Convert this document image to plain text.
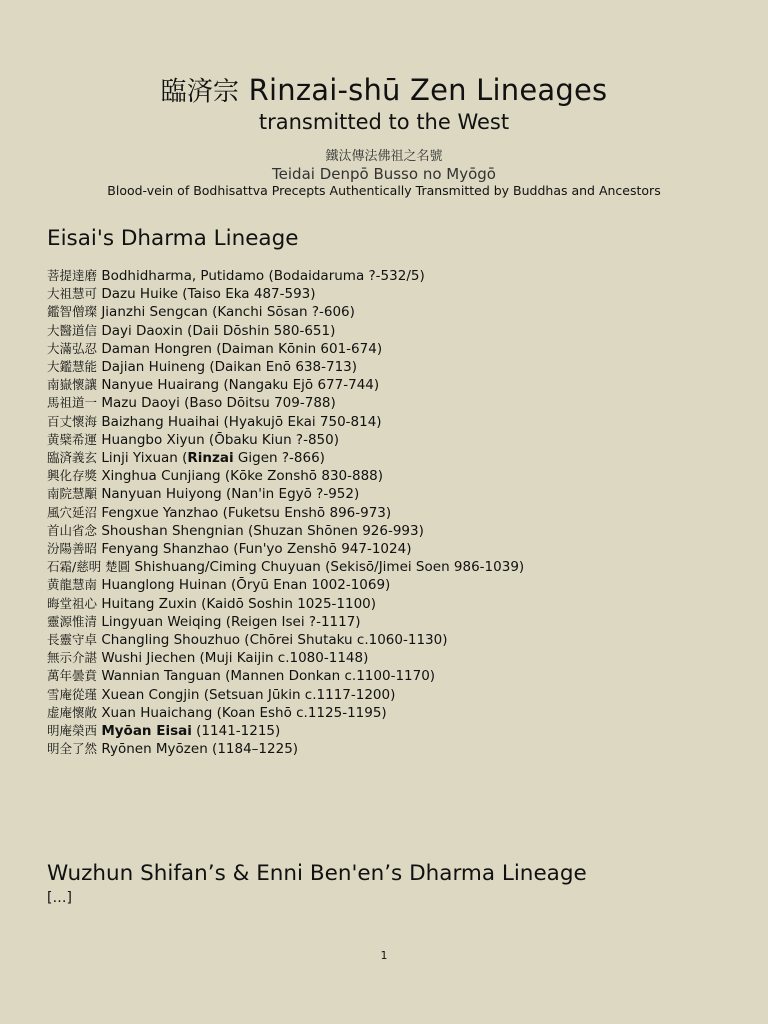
臨済宗 Rinzai-shū Zen Lineages
transmitted to the West
鐵汰傳法佛祖之名號
Teidai Denpō Busso no Myōgō
Blood-vein of Bodhisattva Precepts Authentically Transmitted by Buddhas and Ancestors
Eisai's Dharma Lineage
菩提達磨 Bodhidharma, Putidamo (Bodaidaruma ?-532/5)
大祖慧可 Dazu Huike (Taiso Eka 487-593)
鑑智僧璨 Jianzhi Sengcan (Kanchi Sōsan ?-606)
大醫道信 Dayi Daoxin (Daii Dōshin 580-651)
大滿弘忍 Daman Hongren (Daiman Kōnin 601-674)
大鑑慧能 Dajian Huineng (Daikan Enō 638-713)
南嶽懷讓 Nanyue Huairang (Nangaku Ejō 677-744)
馬祖道一 Mazu Daoyi (Baso Dōitsu 709-788)
百丈懷海 Baizhang Huaihai (Hyakujō Ekai 750-814)
黄檗希運 Huangbo Xiyun (Ōbaku Kiun ?-850)
臨済義玄 Linji Yixuan (Rinzai Gigen ?-866)
興化存獎 Xinghua Cunjiang (Kōke Zonshō 830-888)
南院慧顒 Nanyuan Huiyong (Nan'in Egyō ?-952)
風穴延沼 Fengxue Yanzhao (Fuketsu Enshō 896-973)
首山省念 Shoushan Shengnian (Shuzan Shōnen 926-993)
汾陽善昭 Fenyang Shanzhao (Fun'yo Zenshō 947-1024)
石霜/慈明 楚圓 Shishuang/Ciming Chuyuan (Sekisō/Jimei Soen 986-1039)
黄龍慧南 Huanglong Huinan (Ōryū Enan 1002-1069)
晦堂祖心 Huitang Zuxin (Kaidō Soshin 1025-1100)
靈源惟清 Lingyuan Weiqing (Reigen Isei ?-1117)
長靈守卓 Changling Shouzhuo (Chōrei Shutaku c.1060-1130)
無示介諶 Wushi Jiechen (Muji Kaijin c.1080-1148)
萬年曇賁 Wannian Tanguan (Mannen Donkan c.1100-1170)
雪庵從瑾 Xuean Congjin (Setsuan Jūkin c.1117-1200)
虚庵懷敞 Xuan Huaichang (Koan Eshō c.1125-1195)
明庵榮西 Myōan Eisai (1141-1215)
明全了然 Ryōnen Myōzen (1184–1225)
Wuzhun Shifan’s & Enni Ben'en’s Dharma Lineage
[…]
1
